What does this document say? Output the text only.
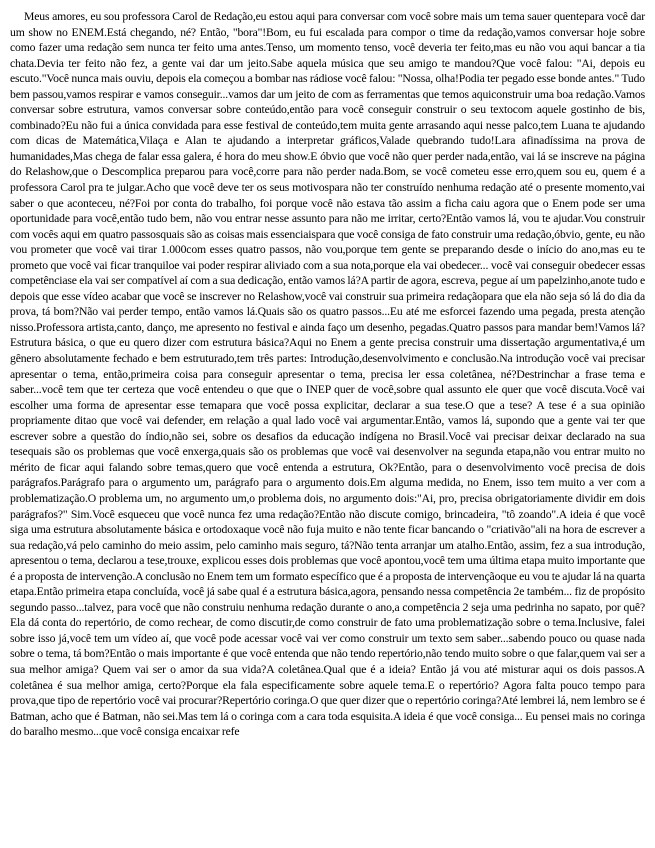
Meus amores, eu sou professora Carol de Redação,eu estou aqui para conversar com você sobre mais um tema sauer quentepara você dar um show no ENEM.Está chegando, né? Então, "bora"!Bom, eu fui escalada para compor o time da redação,vamos conversar hoje sobre como fazer uma redação sem nunca ter feito uma antes.Tenso, um momento tenso, você deveria ter feito,mas eu não vou aqui bancar a tia chata.Devia ter feito não fez, a gente vai dar um jeito.Sabe aquela música que seu amigo te mandou?Que você falou: "Ai, depois eu escuto."Você nunca mais ouviu, depois ela começou a bombar nas rádiose você falou: "Nossa, olha!Podia ter pegado esse bonde antes." Tudo bem passou,vamos respirar e vamos conseguir...vamos dar um jeito de com as ferramentas que temos aquiconstruir uma boa redação.Vamos conversar sobre estrutura, vamos conversar sobre conteúdo,então para você conseguir construir o seu textocom aquele gostinho de bis, combinado?Eu não fui a única convidada para esse festival de conteúdo,tem muita gente arrasando aqui nesse palco,tem Luana te ajudando com dicas de Matemática,Vilaça e Alan te ajudando a interpretar gráficos,Valade quebrando tudo!Lara afinadíssima na prova de humanidades,Mas chega de falar essa galera, é hora do meu show.E óbvio que você não quer perder nada,então, vai lá se inscreve na página do Relashow,que o Descomplica preparou para você,corre para não perder nada.Bom, se você cometeu esse erro,quem sou eu, quem é a professora Carol pra te julgar.Acho que você deve ter os seus motivospara não ter construído nenhuma redação até o presente momento,vai saber o que aconteceu, né?Foi por conta do trabalho, foi porque você não estava tão assim a ficha caiu agora que o Enem pode ser uma oportunidade para você,então tudo bem, não vou entrar nesse assunto para não me irritar, certo?Então vamos lá, vou te ajudar.Vou construir com vocês aqui em quatro passosquais são as coisas mais essenciaispara que você consiga de fato construir uma redação,óbvio, gente, eu não vou prometer que você vai tirar 1.000com esses quatro passos, não vou,porque tem gente se preparando desde o início do ano,mas eu te prometo que você vai ficar tranquiloe vai poder respirar aliviado com a sua nota,porque ela vai obedecer... você vai conseguir obedecer essas competênciase ela vai ser compatível aí com a sua dedicação, então vamos lá?A partir de agora, escreva, pegue aí um papelzinho,anote tudo e depois que esse vídeo acabar que você se inscrever no Relashow,você vai construir sua primeira redaçãopara que ela não seja só lá do dia da prova, tá bom?Não vai perder tempo, então vamos lá.Quais são os quatro passos...Eu até me esforcei fazendo uma pegada, presta atenção nisso.Professora artista,canto, danço, me apresento no festival e ainda faço um desenho, pegadas.Quatro passos para mandar bem!Vamos lá? Estrutura básica, o que eu quero dizer com estrutura básica?Aqui no Enem a gente precisa construir uma dissertação argumentativa,é um gênero absolutamente fechado e bem estruturado,tem três partes: Introdução,desenvolvimento e conclusão.Na introdução você vai precisar apresentar o tema, então,primeira coisa para conseguir apresentar o tema, precisa ler essa coletânea, né?Destrinchar a frase tema e saber...você tem que ter certeza que você entendeu o que que o INEP quer de você,sobre qual assunto ele quer que você discuta.Você vai escolher uma forma de apresentar esse temapara que você possa explicitar, declarar a sua tese.O que a tese? A tese é a sua opinião propriamente ditao que você vai defender, em relação a qual lado você vai argumentar.Então, vamos lá, supondo que a gente vai ter que escrever sobre a questão do índio,não sei, sobre os desafios da educação indígena no Brasil.Você vai precisar deixar declarado na sua tesequais são os problemas que você enxerga,quais são os problemas que você vai desenvolver na segunda etapa,não vou entrar muito no mérito de ficar aqui falando sobre temas,quero que você entenda a estrutura, Ok?Então, para o desenvolvimento você precisa de dois parágrafos.Parágrafo para o argumento um, parágrafo para o argumento dois.Em alguma medida, no Enem, isso tem muito a ver com a problematização.O problema um, no argumento um,o problema dois, no argumento dois:"Ai, pro, precisa obrigatoriamente dividir em dois parágrafos?" Sim.Você esqueceu que você nunca fez uma redação?Então não discute comigo, brincadeira, "tô zoando".A ideia é que você siga uma estrutura absolutamente básica e ortodoxaque você não fuja muito e não tente ficar bancando o "criativão"ali na hora de escrever a sua redação,vá pelo caminho do meio assim, pelo caminho mais seguro, tá?Não tenta arranjar um atalho.Então, assim, fez a sua introdução, apresentou o tema, declarou a tese,trouxe, explicou esses dois problemas que você apontou,você tem uma última etapa muito importante que é a proposta de intervenção.A conclusão no Enem tem um formato específico que é a proposta de intervençãoque eu vou te ajudar lá na quarta etapa.Então primeira etapa concluída, você já sabe qual é a estrutura básica,agora, pensando nessa competência 2e também... fiz de propósito segundo passo...talvez, para você que não construiu nenhuma redação durante o ano,a competência 2 seja uma pedrinha no sapato, por quê?Ela dá conta do repertório, de como rechear, de como discutir,de como construir de fato uma problematização sobre o tema.Inclusive, falei sobre isso já,você tem um vídeo aí, que você pode acessar você vai ver como construir um texto sem saber...sabendo pouco ou quase nada sobre o tema, tá bom?Então o mais importante é que você entenda que não tendo repertório,não tendo muito sobre o que falar,quem vai ser a sua melhor amiga? Quem vai ser o amor da sua vida?A coletânea.Qual que é a ideia? Então já vou até misturar aqui os dois passos.A coletânea é sua melhor amiga, certo?Porque ela fala especificamente sobre aquele tema.E o repertório? Agora falta pouco tempo para prova,que tipo de repertório você vai procurar?Repertório coringa.O que quer dizer que o repertório coringa?Até lembrei lá, nem lembro se é Batman, acho que é Batman, não sei.Mas tem lá o coringa com a cara toda esquisita.A ideia é que você consiga... Eu pensei mais no coringa do baralho mesmo...que você consiga encaixar refe
